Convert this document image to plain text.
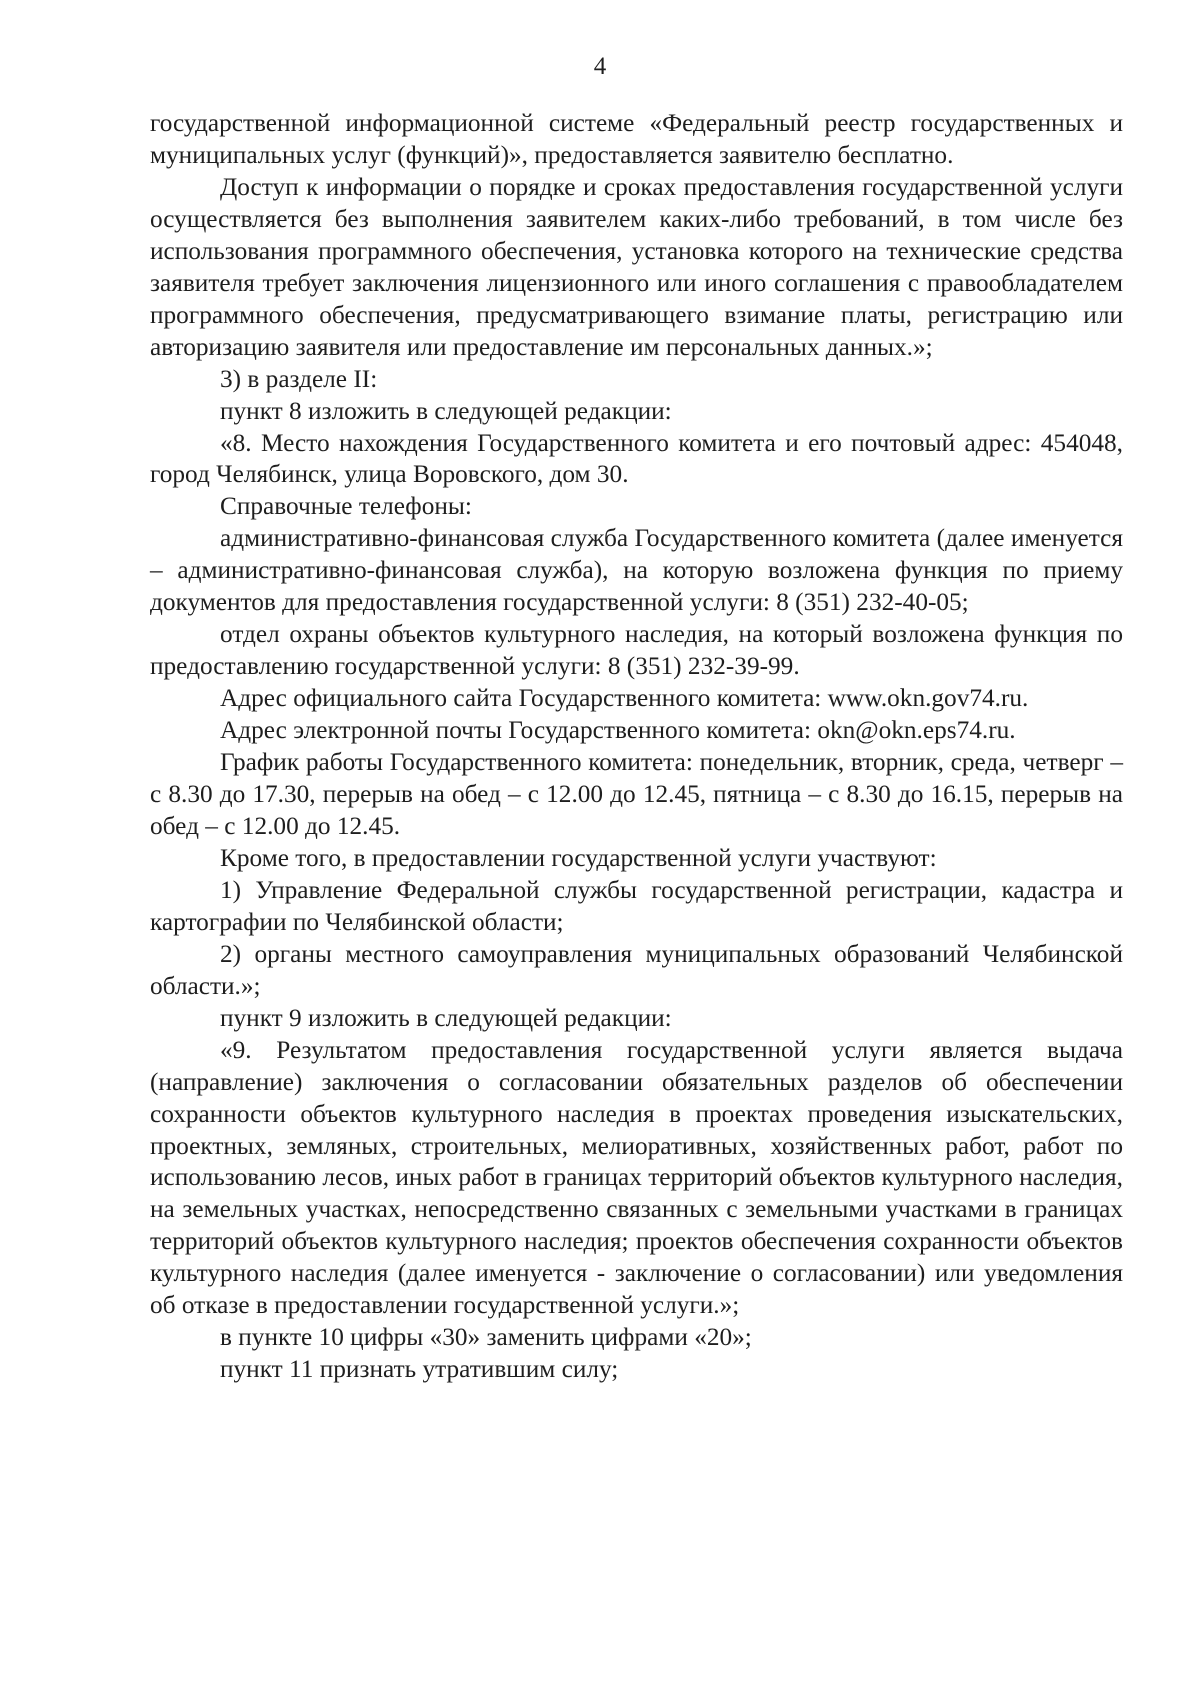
4

государственной информационной системе «Федеральный реестр государственных и муниципальных услуг (функций)», предоставляется заявителю бесплатно.

Доступ к информации о порядке и сроках предоставления государственной услуги осуществляется без выполнения заявителем каких-либо требований, в том числе без использования программного обеспечения, установка которого на технические средства заявителя требует заключения лицензионного или иного соглашения с правообладателем программного обеспечения, предусматривающего взимание платы, регистрацию или авторизацию заявителя или предоставление им персональных данных.»;

3) в разделе II:

пункт 8 изложить в следующей редакции:

«8. Место нахождения Государственного комитета и его почтовый адрес: 454048, город Челябинск, улица Воровского, дом 30.

Справочные телефоны:

административно-финансовая служба Государственного комитета (далее именуется – административно-финансовая служба), на которую возложена функция по приему документов для предоставления государственной услуги: 8 (351) 232-40-05;

отдел охраны объектов культурного наследия, на который возложена функция по предоставлению государственной услуги: 8 (351) 232-39-99.

Адрес официального сайта Государственного комитета: www.okn.gov74.ru.

Адрес электронной почты Государственного комитета: okn@okn.eps74.ru.

График работы Государственного комитета: понедельник, вторник, среда, четверг – с 8.30 до 17.30, перерыв на обед – с 12.00 до 12.45, пятница – с 8.30 до 16.15, перерыв на обед – с 12.00 до 12.45.

Кроме того, в предоставлении государственной услуги участвуют:

1) Управление Федеральной службы государственной регистрации, кадастра и картографии по Челябинской области;

2) органы местного самоуправления муниципальных образований Челябинской области.»;

пункт 9 изложить в следующей редакции:

«9. Результатом предоставления государственной услуги является выдача (направление) заключения о согласовании обязательных разделов об обеспечении сохранности объектов культурного наследия в проектах проведения изыскательских, проектных, земляных, строительных, мелиоративных, хозяйственных работ, работ по использованию лесов, иных работ в границах территорий объектов культурного наследия, на земельных участках, непосредственно связанных с земельными участками в границах территорий объектов культурного наследия; проектов обеспечения сохранности объектов культурного наследия (далее именуется - заключение о согласовании) или уведомления об отказе в предоставлении государственной услуги.»;

в пункте 10 цифры «30» заменить цифрами «20»;

пункт 11 признать утратившим силу;
